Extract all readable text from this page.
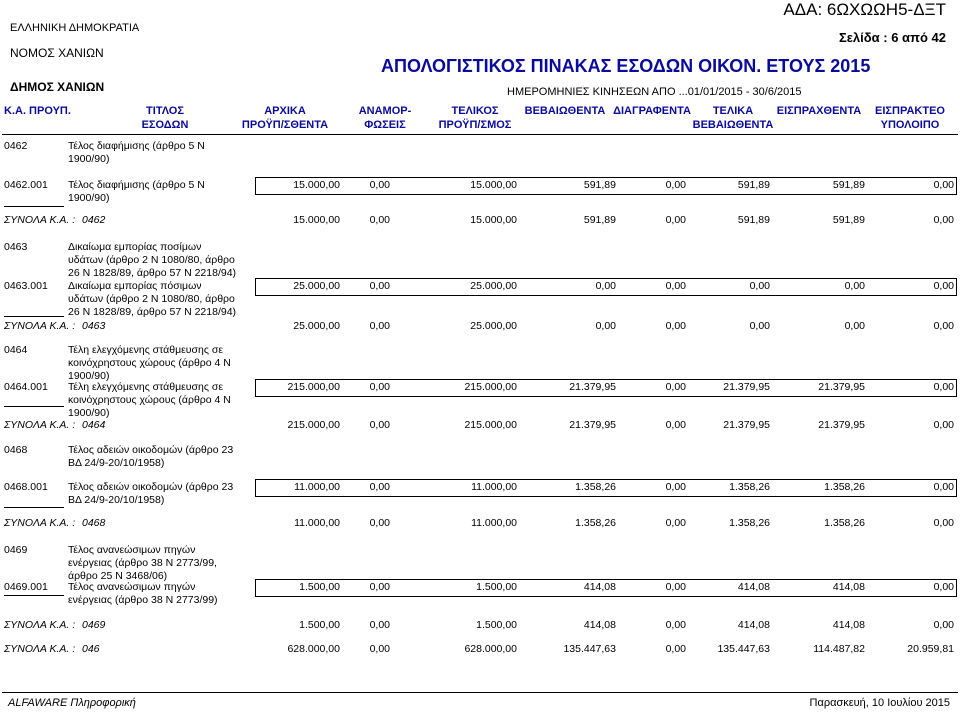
ΕΛΛΗΝΙΚΗ ΔΗΜΟΚΡΑΤΙΑ
ΝΟΜΟΣ ΧΑΝΙΩΝ
ΔΗΜΟΣ ΧΑΝΙΩΝ
ΑΔΑ: 6ΩΧΩΩΗ5-ΔΞΤ
Σελίδα : 6 από 42
ΑΠΟΛΟΓΙΣΤΙΚΟΣ ΠΙΝΑΚΑΣ ΕΣΟΔΩΝ ΟΙΚΟΝ. ΕΤΟΥΣ 2015
ΗΜΕΡΟΜΗΝΙΕΣ ΚΙΝΗΣΕΩΝ ΑΠΟ ...01/01/2015 - 30/6/2015
Κ.Α. ΠΡΟΥΠ.	ΤΙΤΛΟΣ
ΕΣΟΔΩΝ
ΑΡΧΙΚΑ
ΠΡΟΫΠ/ΣΘΕΝΤΑ
ΑΝΑΜΟΡ-
ΦΩΣΕΙΣ
ΤΕΛΙΚΟΣ
ΠΡΟΫΠ/ΣΜΟΣ
ΒΕΒΑΙΩΘΕΝΤΑ ΔΙΑΓΡΑΦΕΝΤΑ	ΤΕΛΙΚΑ
ΒΕΒΑΙΩΘΕΝΤΑ
ΕΙΣΠΡΑΧΘΕΝΤΑ	ΕΙΣΠΡΑΚΤΕΟ
ΥΠΟΛΟΙΠΟ
0462	Τέλος διαφήμισης (άρθρο 5 Ν
1900/90)
0462.001 Τέλος διαφήμισης (άρθρο 5 Ν
1900/90)
15.000,00	0,00	15.000,00	591,89	0,00	591,89	591,89	0,00
ΣΥΝΟΛΑ Κ.Α. : 0462	15.000,00	0,00	15.000,00	591,89	0,00	591,89	591,89	0,00
0463	Δικαίωμα εμπορίας ποσίμων
υδάτων (άρθρο 2 Ν 1080/80, άρθρο
26 Ν 1828/89, άρθρο 57 Ν 2218/94)
0463.001 Δικαίωμα εμπορίας πόσιμων
υδάτων (άρθρο 2 Ν 1080/80, άρθρο
26 Ν 1828/89, άρθρο 57 Ν 2218/94)
25.000,00	0,00	25.000,00	0,00	0,00	0,00	0,00	0,00
ΣΥΝΟΛΑ Κ.Α. : 0463	25.000,00	0,00	25.000,00	0,00	0,00	0,00	0,00	0,00
0464	Τέλη ελεγχόμενης στάθμευσης σε
κοινόχρηστους χώρους (άρθρο 4 Ν
1900/90)
0464.001 Τέλη ελεγχόμενης στάθμευσης σε
κοινόχρηστους χώρους (άρθρο 4 Ν
1900/90)
215.000,00	0,00	215.000,00	21.379,95	0,00	21.379,95	21.379,95	0,00
ΣΥΝΟΛΑ Κ.Α. : 0464	215.000,00	0,00	215.000,00	21.379,95	0,00	21.379,95	21.379,95	0,00
0468	Τέλος αδειών οικοδομών (άρθρο 23
ΒΔ 24/9-20/10/1958)
0468.001 Τέλος αδειών οικοδομών (άρθρο 23
ΒΔ 24/9-20/10/1958)
11.000,00	0,00	11.000,00	1.358,26	0,00	1.358,26	1.358,26	0,00
ΣΥΝΟΛΑ Κ.Α. : 0468	11.000,00	0,00	11.000,00	1.358,26	0,00	1.358,26	1.358,26	0,00
0469	Τέλος ανανεώσιμων πηγών
ενέργειας (άρθρο 38 Ν 2773/99,
άρθρο 25 Ν 3468/06)
0469.001 Τέλος ανανεώσιμων πηγών
ενέργειας (άρθρο 38 Ν 2773/99)
1.500,00	0,00	1.500,00	414,08	0,00	414,08	414,08	0,00
ΣΥΝΟΛΑ Κ.Α. : 0469	1.500,00	0,00	1.500,00	414,08	0,00	414,08	414,08	0,00
ΣΥΝΟΛΑ Κ.Α. : 046	628.000,00	0,00	628.000,00	135.447,63	0,00	135.447,63	114.487,82	20.959,81
ALFAWARE Πληροφορική	Παρασκευή, 10 Ιουλίου 2015
